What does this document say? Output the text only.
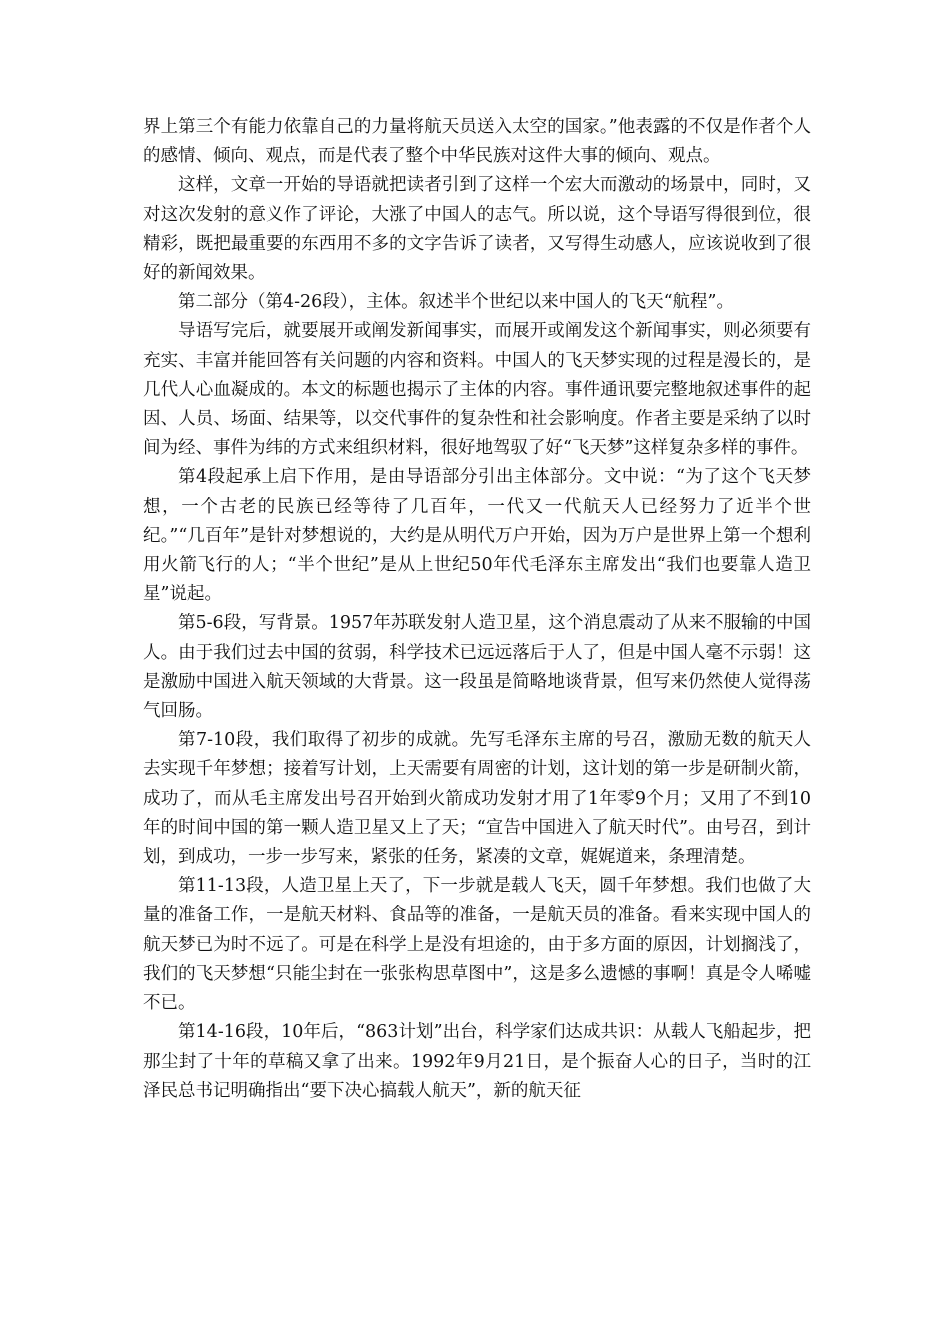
界上第三个有能力依靠自己的力量将航天员送入太空的国家。”他表露的不仅是作者个人的感情、倾向、观点，而是代表了整个中华民族对这件大事的倾向、观点。

这样，文章一开始的导语就把读者引到了这样一个宏大而激动的场景中，同时，又对这次发射的意义作了评论，大涨了中国人的志气。所以说，这个导语写得很到位，很精彩，既把最重要的东西用不多的文字告诉了读者，又写得生动感人，应该说收到了很好的新闻效果。

第二部分（第4-26段），主体。叙述半个世纪以来中国人的飞天“航程”。

导语写完后，就要展开或阐发新闻事实，而展开或阐发这个新闻事实，则必须要有充实、丰富并能回答有关问题的内容和资料。中国人的飞天梦实现的过程是漫长的，是几代人心血凝成的。本文的标题也揭示了主体的内容。事件通讯要完整地叙述事件的起因、人员、场面、结果等，以交代事件的复杂性和社会影响度。作者主要是采纳了以时间为经、事件为纬的方式来组织材料，很好地驾驭了好“飞天梦”这样复杂多样的事件。

第4段起承上启下作用，是由导语部分引出主体部分。文中说：“为了这个飞天梦想，一个古老的民族已经等待了几百年，一代又一代航天人已经努力了近半个世纪。”“几百年”是针对梦想说的，大约是从明代万户开始，因为万户是世界上第一个想利用火箭飞行的人；“半个世纪”是从上世纪50年代毛泽东主席发出“我们也要靠人造卫星”说起。

第5-6段，写背景。1957年苏联发射人造卫星，这个消息震动了从来不服输的中国人。由于我们过去中国的贫弱，科学技术已远远落后于人了，但是中国人毫不示弱！这是激励中国进入航天领域的大背景。这一段虽是简略地谈背景，但写来仍然使人觉得荡气回肠。

第7-10段，我们取得了初步的成就。先写毛泽东主席的号召，激励无数的航天人去实现千年梦想；接着写计划，上天需要有周密的计划，这计划的第一步是研制火箭，成功了，而从毛主席发出号召开始到火箭成功发射才用了1年零9个月；又用了不到10年的时间中国的第一颗人造卫星又上了天；“宣告中国进入了航天时代”。由号召，到计划，到成功，一步一步写来，紧张的任务，紧凑的文章，娓娓道来，条理清楚。

第11-13段，人造卫星上天了，下一步就是载人飞天，圆千年梦想。我们也做了大量的准备工作，一是航天材料、食品等的准备，一是航天员的准备。看来实现中国人的航天梦已为时不远了。可是在科学上是没有坦途的，由于多方面的原因，计划搁浅了，我们的飞天梦想“只能尘封在一张张构思草图中”，这是多么遗憾的事啊！真是令人唏嘘不已。

第14-16段，10年后，“863计划”出台，科学家们达成共识：从载人飞船起步，把那尘封了十年的草稿又拿了出来。1992年9月21日，是个振奋人心的日子，当时的江泽民总书记明确指出“要下决心搞载人航天”，新的航天征
